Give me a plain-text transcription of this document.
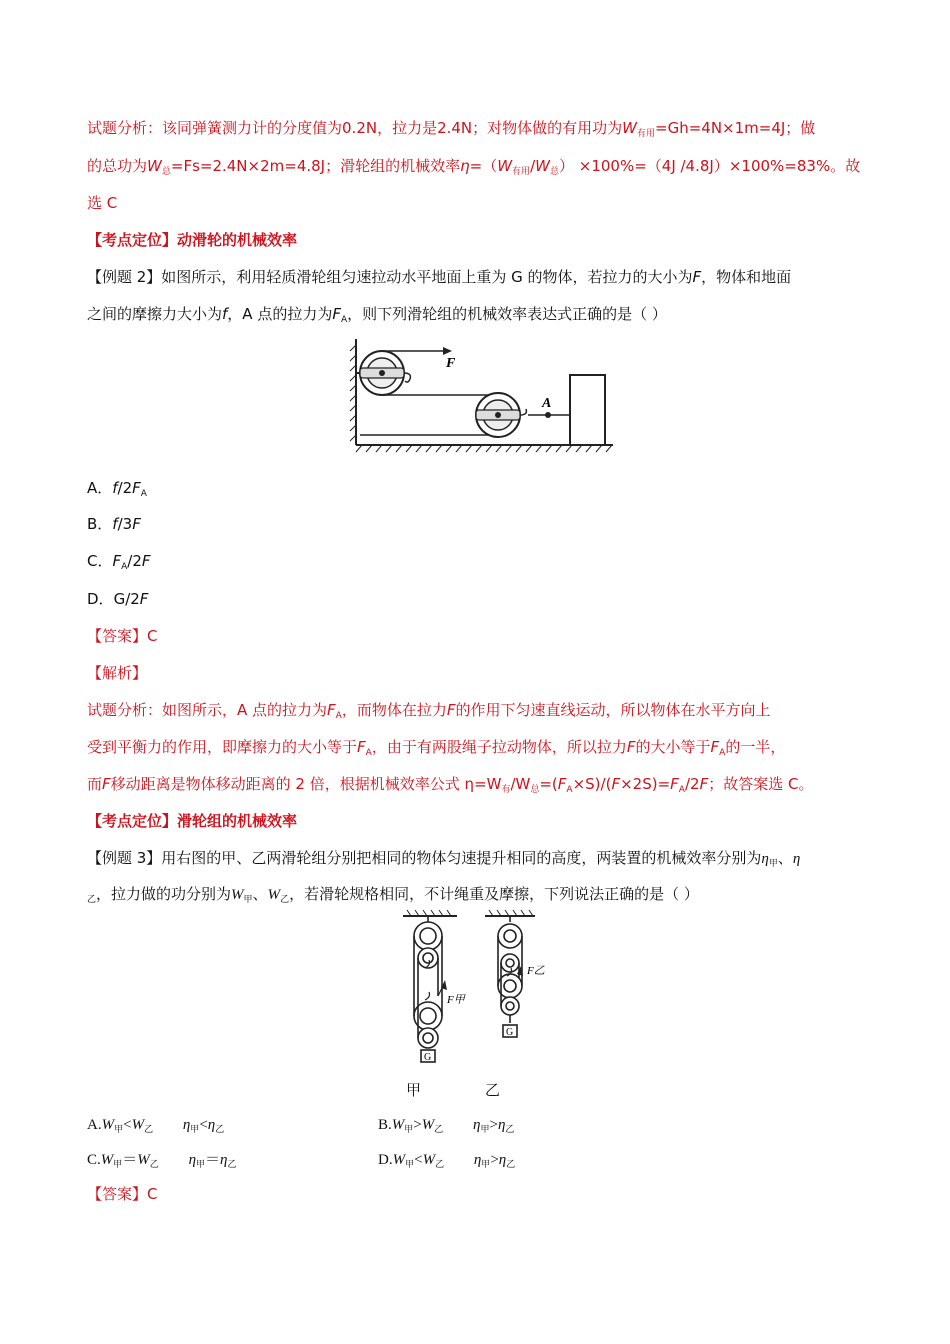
试题分析：该同弹簧测力计的分度值为0.2N，拉力是2.4N；对物体做的有用功为$W_{有用}=Gh=4N\times 1m=4J$；做
的总功为$W_总=Fs=2.4N\times 2m=4.8J$；滑轮组的机械效率$\eta=(W_{有用}/W_总) \times 100\%=(4J$ /4.8J）×100%=83%。故
选 C
【考点定位】动滑轮的机械效率
【例题 2】如图所示，利用轻质滑轮组匀速拉动水平地面上重为 G 的物体，若拉力的大小为F，物体和地面
之间的摩擦力大小为f，A 点的拉力为$F_A$，则下列滑轮组的机械效率表达式正确的是（ ）
F
A
A．$f/2F_A$
B．f/3F
C．$F_A/2F$
D．G/2F
【答案】C
【解析】
试题分析：如图所示，A 点的拉力为$F_A$，而物体在拉力F的作用下匀速直线运动，所以物体在水平方向上
受到平衡力的作用，即摩擦力的大小等于$F_A$，由于有两股绳子拉动物体，所以拉力F的大小等于$F_A$的一半，
而F移动距离是物体移动距离的 2 倍，根据机械效率公式 $\eta=W_有/W_总=(F_A\times S)/(F\times 2S)=F_A/2F$；故答案选 C。
【考点定位】滑轮组的机械效率
【例题 3】用右图的甲、乙两滑轮组分别把相同的物体匀速提升相同的高度，两装置的机械效率分别为$\eta_甲$、η
$_乙$，拉力做的功分别为$W_甲$、$W_乙$，若滑轮规格相同，不计绳重及摩擦，下列说法正确的是（ ）
F甲
G
F乙
G
甲	乙
$A.W_甲<W_乙$ $\eta_甲<\eta_乙$	$B.W_甲>W_乙$ $\eta_甲>\eta_乙$
$C.W_甲=W_乙$ $\eta_甲=\eta_乙$	$D.W_甲<W_乙$ $\eta_甲>\eta_乙$
【答案】C
